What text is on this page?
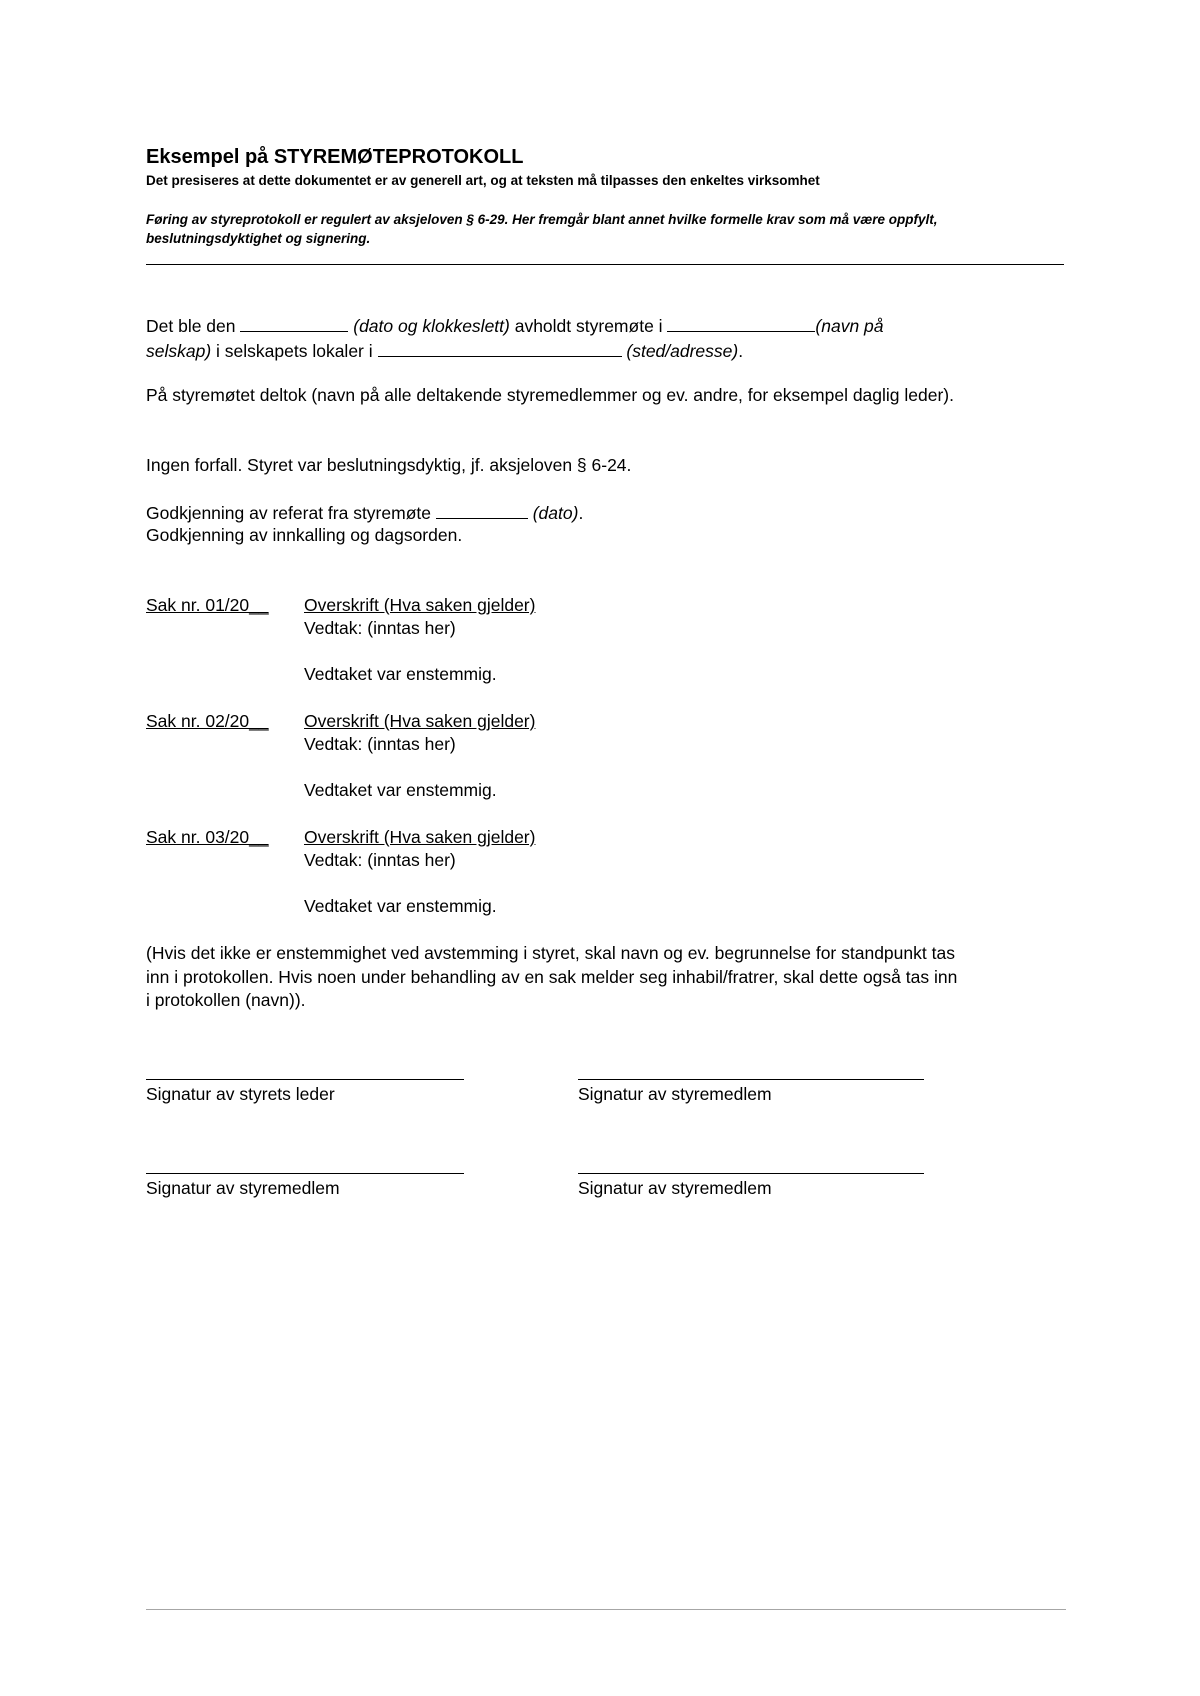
Eksempel på STYREMØTEPROTOKOLL
Det presiseres at dette dokumentet er av generell art, og at teksten må tilpasses den enkeltes virksomhet
Føring av styreprotokoll er regulert av aksjeloven § 6-29. Her fremgår blant annet hvilke formelle krav som må være oppfylt, beslutningsdyktighet og signering.
Det ble den	(dato og klokkeslett) avholdt styremøte i	(navn på selskap) i selskapets lokaler i	(sted/adresse).
På styremøtet deltok (navn på alle deltakende styremedlemmer og ev. andre, for eksempel daglig leder).
Ingen forfall. Styret var beslutningsdyktig, jf. aksjeloven § 6-24.
Godkjenning av referat fra styremøte	(dato).
Godkjenning av innkalling og dagsorden.
Sak nr. 01/20__ Overskrift (Hva saken gjelder)
Vedtak: (inntas her)
Vedtaket var enstemmig.
Sak nr. 02/20__ Overskrift (Hva saken gjelder)
Vedtak: (inntas her)
Vedtaket var enstemmig.
Sak nr. 03/20__ Overskrift (Hva saken gjelder)
Vedtak: (inntas her)
Vedtaket var enstemmig.
(Hvis det ikke er enstemmighet ved avstemming i styret, skal navn og ev. begrunnelse for standpunkt tas inn i protokollen. Hvis noen under behandling av en sak melder seg inhabil/fratrer, skal dette også tas inn i protokollen (navn)).
Signatur av styrets leder	Signatur av styremedlem
Signatur av styremedlem	Signatur av styremedlem
